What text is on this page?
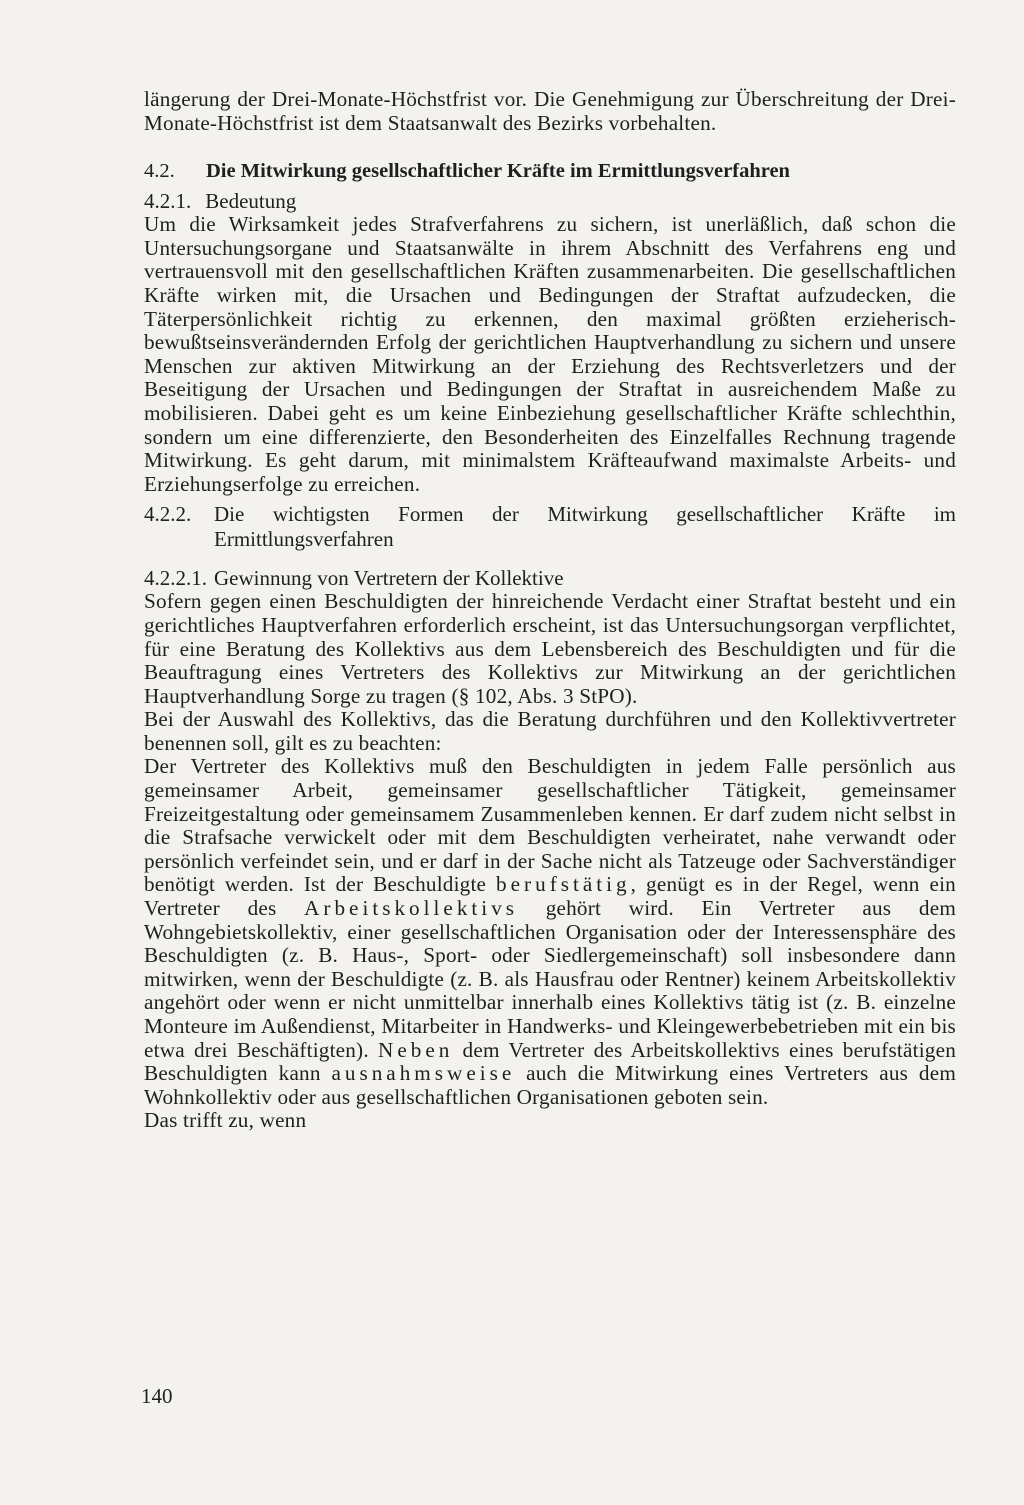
längerung der Drei-Monate-Höchstfrist vor. Die Genehmigung zur Überschreitung der Drei-Monate-Höchstfrist ist dem Staatsanwalt des Bezirks vorbehalten.

4.2.	Die Mitwirkung gesellschaftlicher Kräfte im Ermittlungsverfahren
4.2.1. Bedeutung

Um die Wirksamkeit jedes Strafverfahrens zu sichern, ist unerläßlich, daß schon die Untersuchungsorgane und Staatsanwälte in ihrem Abschnitt des Verfahrens eng und vertrauensvoll mit den gesellschaftlichen Kräften zusammenarbeiten. Die gesellschaftlichen Kräfte wirken mit, die Ursachen und Bedingungen der Straftat aufzudecken, die Täterpersönlichkeit richtig zu erkennen, den maximal größten erzieherisch-bewußtseinsverändernden Erfolg der gerichtlichen Hauptverhandlung zu sichern und unsere Menschen zur aktiven Mitwirkung an der Erziehung des Rechtsverletzers und der Beseitigung der Ursachen und Bedingungen der Straftat in ausreichendem Maße zu mobilisieren. Dabei geht es um keine Einbeziehung gesellschaftlicher Kräfte schlechthin, sondern um eine differenzierte, den Besonderheiten des Einzelfalles Rechnung tragende Mitwirkung. Es geht darum, mit minimalstem Kräfteaufwand maximalste Arbeits- und Erziehungserfolge zu erreichen.

4.2.2.	Die wichtigsten Formen der Mitwirkung gesellschaftlicher Kräfte im Ermittlungsverfahren
4.2.2.1. Gewinnung von Vertretern der Kollektive

Sofern gegen einen Beschuldigten der hinreichende Verdacht einer Straftat besteht und ein gerichtliches Hauptverfahren erforderlich erscheint, ist das Untersuchungsorgan verpflichtet, für eine Beratung des Kollektivs aus dem Lebensbereich des Beschuldigten und für die Beauftragung eines Vertreters des Kollektivs zur Mitwirkung an der gerichtlichen Hauptverhandlung Sorge zu tragen (§ 102, Abs. 3 StPO).

Bei der Auswahl des Kollektivs, das die Beratung durchführen und den Kollektivvertreter benennen soll, gilt es zu beachten:

Der Vertreter des Kollektivs muß den Beschuldigten in jedem Falle persönlich aus gemeinsamer Arbeit, gemeinsamer gesellschaftlicher Tätigkeit, gemeinsamer Freizeitgestaltung oder gemeinsamem Zusammenleben kennen. Er darf zudem nicht selbst in die Strafsache verwickelt oder mit dem Beschuldigten verheiratet, nahe verwandt oder persönlich verfeindet sein, und er darf in der Sache nicht als Tatzeuge oder Sachverständiger benötigt werden. Ist der Beschuldigte berufstätig, genügt es in der Regel, wenn ein Vertreter des Arbeitskollektivs gehört wird. Ein Vertreter aus dem Wohngebietskollektiv, einer gesellschaftlichen Organisation oder der Interessensphäre des Beschuldigten (z. B. Haus-, Sport- oder Siedlergemeinschaft) soll insbesondere dann mitwirken, wenn der Beschuldigte (z. B. als Hausfrau oder Rentner) keinem Arbeitskollektiv angehört oder wenn er nicht unmittelbar innerhalb eines Kollektivs tätig ist (z. B. einzelne Monteure im Außendienst, Mitarbeiter in Handwerks- und Kleingewerbebetrieben mit ein bis etwa drei Beschäftigten). Neben dem Vertreter des Arbeitskollektivs eines berufstätigen Beschuldigten kann ausnahmsweise auch die Mitwirkung eines Vertreters aus dem Wohnkollektiv oder aus gesellschaftlichen Organisationen geboten sein.

Das trifft zu, wenn

140
